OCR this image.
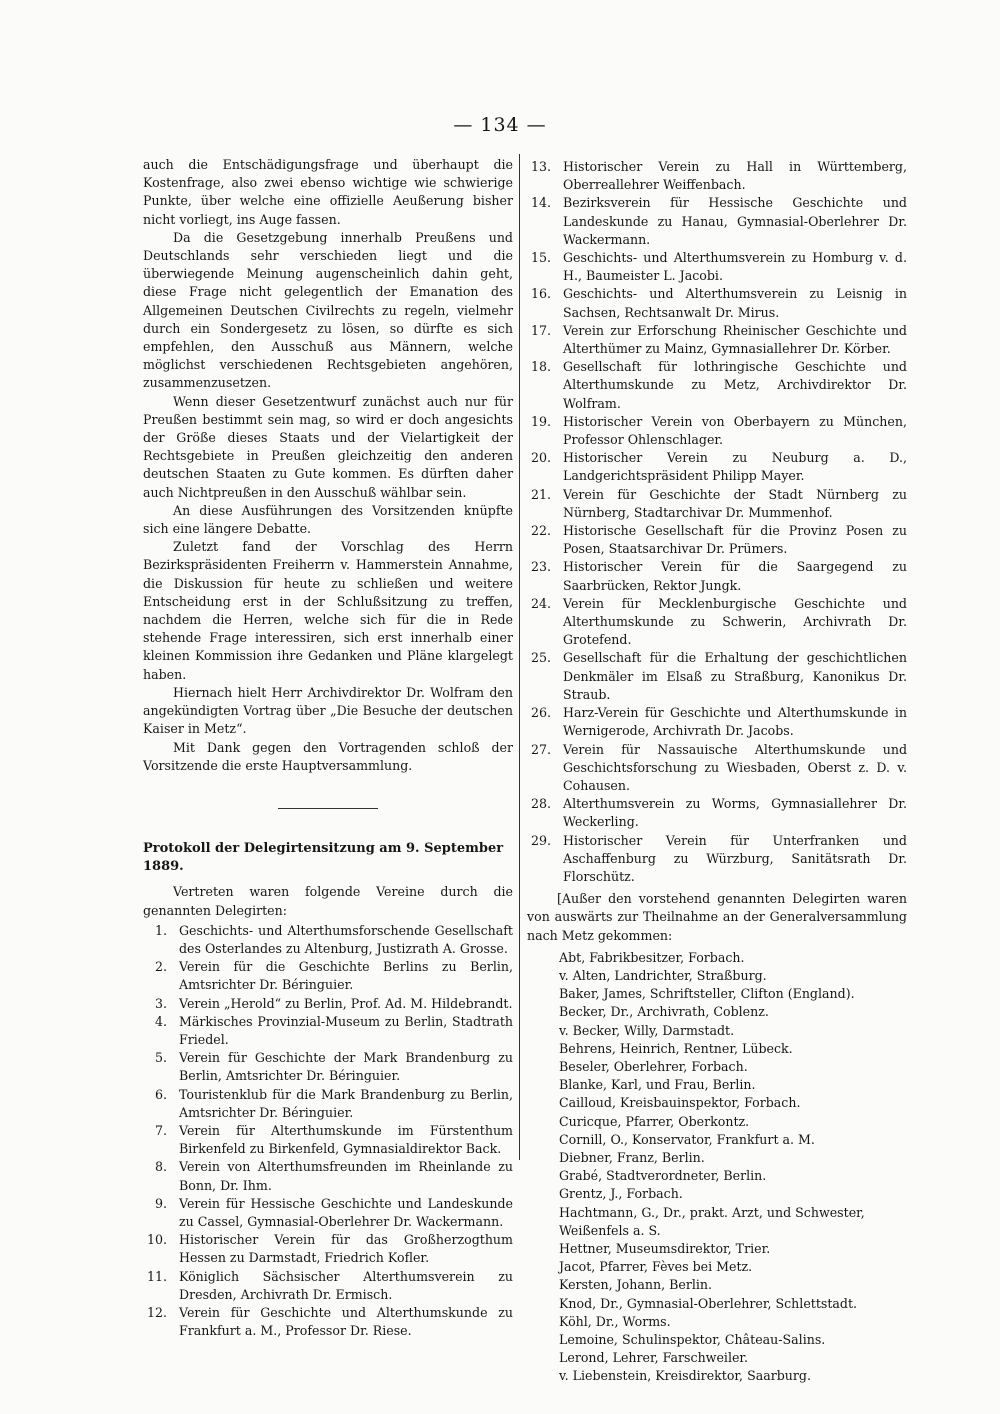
— 134 —

auch die Entschädigungsfrage und überhaupt die Kostenfrage, also zwei ebenso wichtige wie schwierige Punkte, über welche eine offizielle Aeußerung bisher nicht vorliegt, ins Auge fassen.

Da die Gesetzgebung innerhalb Preußens und Deutschlands sehr verschieden liegt und die überwiegende Meinung augenscheinlich dahin geht, diese Frage nicht gelegentlich der Emanation des Allgemeinen Deutschen Civilrechts zu regeln, vielmehr durch ein Sondergesetz zu lösen, so dürfte es sich empfehlen, den Ausschuß aus Männern, welche möglichst verschiedenen Rechtsgebieten angehören, zusammenzusetzen.

Wenn dieser Gesetzentwurf zunächst auch nur für Preußen bestimmt sein mag, so wird er doch angesichts der Größe dieses Staats und der Vielartigkeit der Rechtsgebiete in Preußen gleichzeitig den anderen deutschen Staaten zu Gute kommen. Es dürften daher auch Nichtpreußen in den Ausschuß wählbar sein.

An diese Ausführungen des Vorsitzenden knüpfte sich eine längere Debatte.

Zuletzt fand der Vorschlag des Herrn Bezirkspräsidenten Freiherrn v. Hammerstein Annahme, die Diskussion für heute zu schließen und weitere Entscheidung erst in der Schlußsitzung zu treffen, nachdem die Herren, welche sich für die in Rede stehende Frage interessiren, sich erst innerhalb einer kleinen Kommission ihre Gedanken und Pläne klargelegt haben.

Hiernach hielt Herr Archivdirektor Dr. Wolfram den angekündigten Vortrag über „Die Besuche der deutschen Kaiser in Metz“.

Mit Dank gegen den Vortragenden schloß der Vorsitzende die erste Hauptversammlung.

Protokoll der Delegirtensitzung am 9. September 1889.

Vertreten waren folgende Vereine durch die genannten Delegirten:

1. Geschichts- und Alterthumsforschende Gesellschaft des Osterlandes zu Altenburg, Justizrath A. Grosse.
2. Verein für die Geschichte Berlins zu Berlin, Amtsrichter Dr. Béringuier.
3. Verein „Herold“ zu Berlin, Prof. Ad. M. Hildebrandt.
4. Märkisches Provinzial-Museum zu Berlin, Stadtrath Friedel.
5. Verein für Geschichte der Mark Brandenburg zu Berlin, Amtsrichter Dr. Béringuier.
6. Touristenklub für die Mark Brandenburg zu Berlin, Amtsrichter Dr. Béringuier.
7. Verein für Alterthumskunde im Fürstenthum Birkenfeld zu Birkenfeld, Gymnasialdirektor Back.
8. Verein von Alterthumsfreunden im Rheinlande zu Bonn, Dr. Ihm.
9. Verein für Hessische Geschichte und Landeskunde zu Cassel, Gymnasial-Oberlehrer Dr. Wackermann.
10. Historischer Verein für das Großherzogthum Hessen zu Darmstadt, Friedrich Kofler.
11. Königlich Sächsischer Alterthumsverein zu Dresden, Archivrath Dr. Ermisch.
12. Verein für Geschichte und Alterthumskunde zu Frankfurt a. M., Professor Dr. Riese.
13. Historischer Verein zu Hall in Württemberg, Oberreallehrer Weiffenbach.
14. Bezirksverein für Hessische Geschichte und Landeskunde zu Hanau, Gymnasial-Oberlehrer Dr. Wackermann.
15. Geschichts- und Alterthumsverein zu Homburg v. d. H., Baumeister L. Jacobi.
16. Geschichts- und Alterthumsverein zu Leisnig in Sachsen, Rechtsanwalt Dr. Mirus.
17. Verein zur Erforschung Rheinischer Geschichte und Alterthümer zu Mainz, Gymnasiallehrer Dr. Körber.
18. Gesellschaft für lothringische Geschichte und Alterthumskunde zu Metz, Archivdirektor Dr. Wolfram.
19. Historischer Verein von Oberbayern zu München, Professor Ohlenschlager.
20. Historischer Verein zu Neuburg a. D., Landgerichtspräsident Philipp Mayer.
21. Verein für Geschichte der Stadt Nürnberg zu Nürnberg, Stadtarchivar Dr. Mummenhof.
22. Historische Gesellschaft für die Provinz Posen zu Posen, Staatsarchivar Dr. Prümers.
23. Historischer Verein für die Saargegend zu Saarbrücken, Rektor Jungk.
24. Verein für Mecklenburgische Geschichte und Alterthumskunde zu Schwerin, Archivrath Dr. Grotefend.
25. Gesellschaft für die Erhaltung der geschichtlichen Denkmäler im Elsaß zu Straßburg, Kanonikus Dr. Straub.
26. Harz-Verein für Geschichte und Alterthumskunde in Wernigerode, Archivrath Dr. Jacobs.
27. Verein für Nassauische Alterthumskunde und Geschichtsforschung zu Wiesbaden, Oberst z. D. v. Cohausen.
28. Alterthumsverein zu Worms, Gymnasiallehrer Dr. Weckerling.
29. Historischer Verein für Unterfranken und Aschaffenburg zu Würzburg, Sanitätsrath Dr. Florschütz.

[Außer den vorstehend genannten Delegirten waren von auswärts zur Theilnahme an der Generalversammlung nach Metz gekommen:

Abt, Fabrikbesitzer, Forbach.
v. Alten, Landrichter, Straßburg.
Baker, James, Schriftsteller, Clifton (England).
Becker, Dr., Archivrath, Coblenz.
v. Becker, Willy, Darmstadt.
Behrens, Heinrich, Rentner, Lübeck.
Beseler, Oberlehrer, Forbach.
Blanke, Karl, und Frau, Berlin.
Cailloud, Kreisbauinspektor, Forbach.
Curicque, Pfarrer, Oberkontz.
Cornill, O., Konservator, Frankfurt a. M.
Diebner, Franz, Berlin.
Grabé, Stadtverordneter, Berlin.
Grentz, J., Forbach.
Hachtmann, G., Dr., prakt. Arzt, und Schwester, Weißenfels a. S.
Hettner, Museumsdirektor, Trier.
Jacot, Pfarrer, Fèves bei Metz.
Kersten, Johann, Berlin.
Knod, Dr., Gymnasial-Oberlehrer, Schlettstadt.
Köhl, Dr., Worms.
Lemoine, Schulinspektor, Château-Salins.
Lerond, Lehrer, Farschweiler.
v. Liebenstein, Kreisdirektor, Saarburg.
